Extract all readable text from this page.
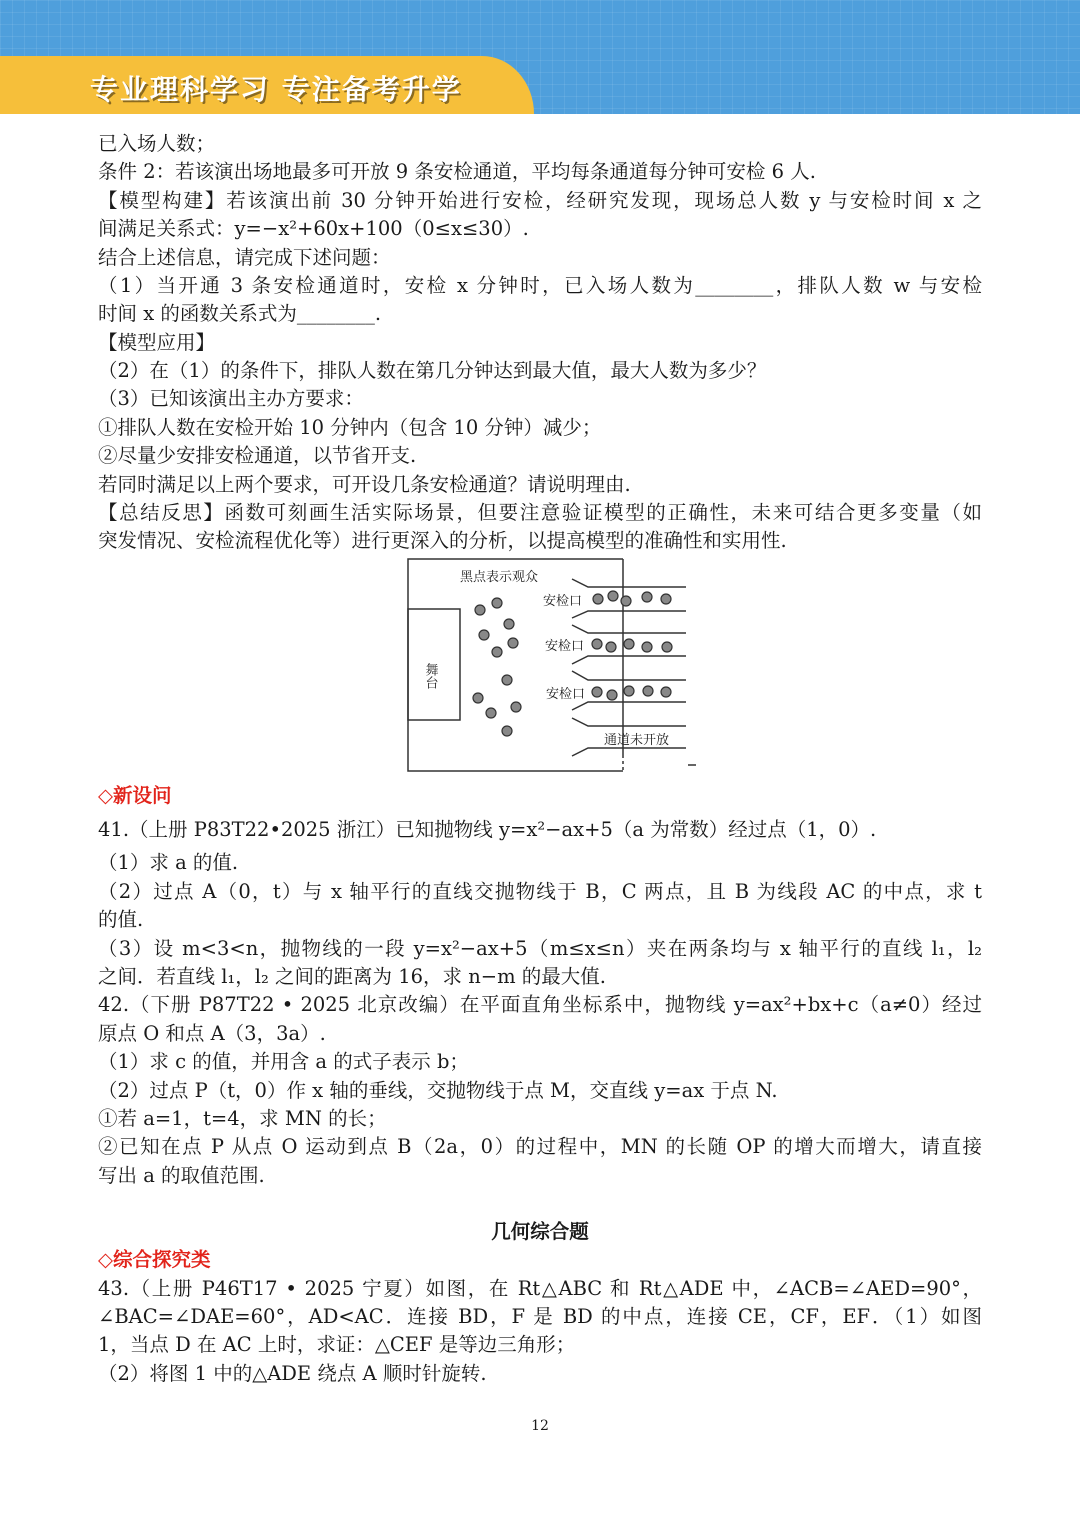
专业理科学习 专注备考升学
已入场人数；
条件 2：若该演出场地最多可开放 9 条安检通道，平均每条通道每分钟可安检 6 人.
【模型构建】若该演出前 30 分钟开始进行安检，经研究发现，现场总人数 y 与安检时间 x 之
间满足关系式：y=−x²+60x+100（0≤x≤30）.
结合上述信息，请完成下述问题：
（1）当开通 3 条安检通道时，安检 x 分钟时，已入场人数为________，排队人数 w 与安检
时间 x 的函数关系式为________.
【模型应用】
（2）在（1）的条件下，排队人数在第几分钟达到最大值，最大人数为多少？
（3）已知该演出主办方要求：
①排队人数在安检开始 10 分钟内（包含 10 分钟）减少；
②尽量少安排安检通道，以节省开支.
若同时满足以上两个要求，可开设几条安检通道？请说明理由.
【总结反思】函数可刻画生活实际场景，但要注意验证模型的正确性，未来可结合更多变量（如
突发情况、安检流程优化等）进行更深入的分析，以提高模型的准确性和实用性.
黑点表示观众
安检口
安检口
安检口
通道未开放
舞台
◇新设问
41.（上册 P83T22•2025 浙江）已知抛物线 y=x²−ax+5（a 为常数）经过点（1，0）.
（1）求 a 的值.
（2）过点 A（0，t）与 x 轴平行的直线交抛物线于 B，C 两点，且 B 为线段 AC 的中点，求 t
的值.
（3）设 m<3<n，抛物线的一段 y=x²−ax+5（m≤x≤n）夹在两条均与 x 轴平行的直线 l₁，l₂
之间．若直线 l₁，l₂ 之间的距离为 16，求 n−m 的最大值.
42.（下册 P87T22 • 2025 北京改编）在平面直角坐标系中，抛物线 y=ax²+bx+c（a≠0）经过
原点 O 和点 A（3，3a）.
（1）求 c 的值，并用含 a 的式子表示 b；
（2）过点 P（t，0）作 x 轴的垂线，交抛物线于点 M，交直线 y=ax 于点 N.
①若 a=1，t=4，求 MN 的长；
②已知在点 P 从点 O 运动到点 B（2a，0）的过程中，MN 的长随 OP 的增大而增大，请直接
写出 a 的取值范围.
几何综合题
◇综合探究类
43.（上册 P46T17 • 2025 宁夏）如图，在 Rt△ABC 和 Rt△ADE 中，∠ACB=∠AED=90°，
∠BAC=∠DAE=60°，AD<AC．连接 BD，F 是 BD 的中点，连接 CE，CF，EF．（1）如图
1，当点 D 在 AC 上时，求证：△CEF 是等边三角形；
（2）将图 1 中的△ADE 绕点 A 顺时针旋转.
12
